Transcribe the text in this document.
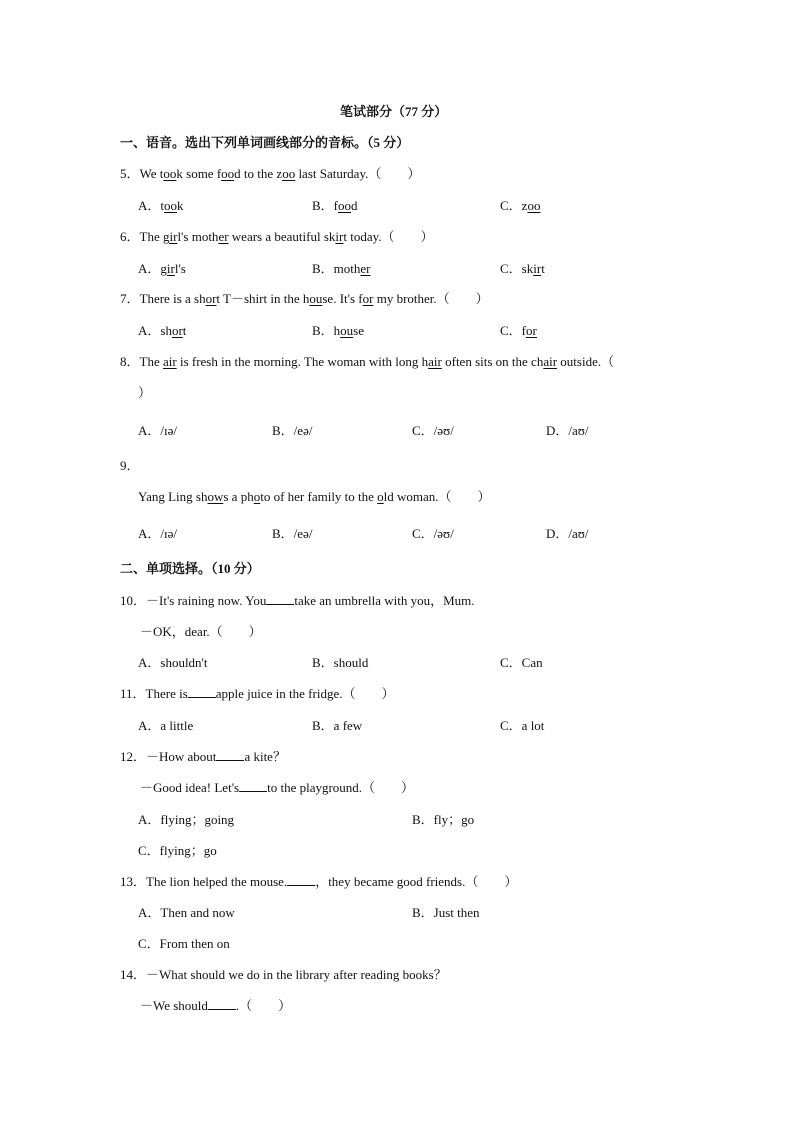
笔试部分（77 分）
一、语音。选出下列单词画线部分的音标。（5 分）
5．We took some food to the zoo last Saturday.（　　）
A．took	B．food	C．zoo
6．The girl's mother wears a beautiful skirt today.（　　）
A．girl's	B．mother	C．skirt
7．There is a short T－shirt in the house. It's for my brother.（　　）
A．short	B．house	C．for
8．The air is fresh in the morning. The woman with long hair often sits on the chair outside.（
）
A．/ɪə/	B．/eə/	C．/əʊ/	D．/aʊ/
9．
Yang Ling shows a photo of her family to the old woman.（　　）
A．/ɪə/	B．/eə/	C．/əʊ/	D．/aʊ/
二、单项选择。（10 分）
10．－It's raining now. You take an umbrella with you，Mum.
－OK，dear.（　　）
A．shouldn't	B．should	C．Can
11．There is apple juice in the fridge.（　　）
A．a little	B．a few	C．a lot
12．－How about a kite？
－Good idea! Let's to the playground.（　　）
A．flying；going	B．fly；go
C．flying；go
13．The lion helped the mouse. ，they became good friends.（　　）
A．Then and now	B．Just then
C．From then on
14．－What should we do in the library after reading books？
－We should .（　　）
